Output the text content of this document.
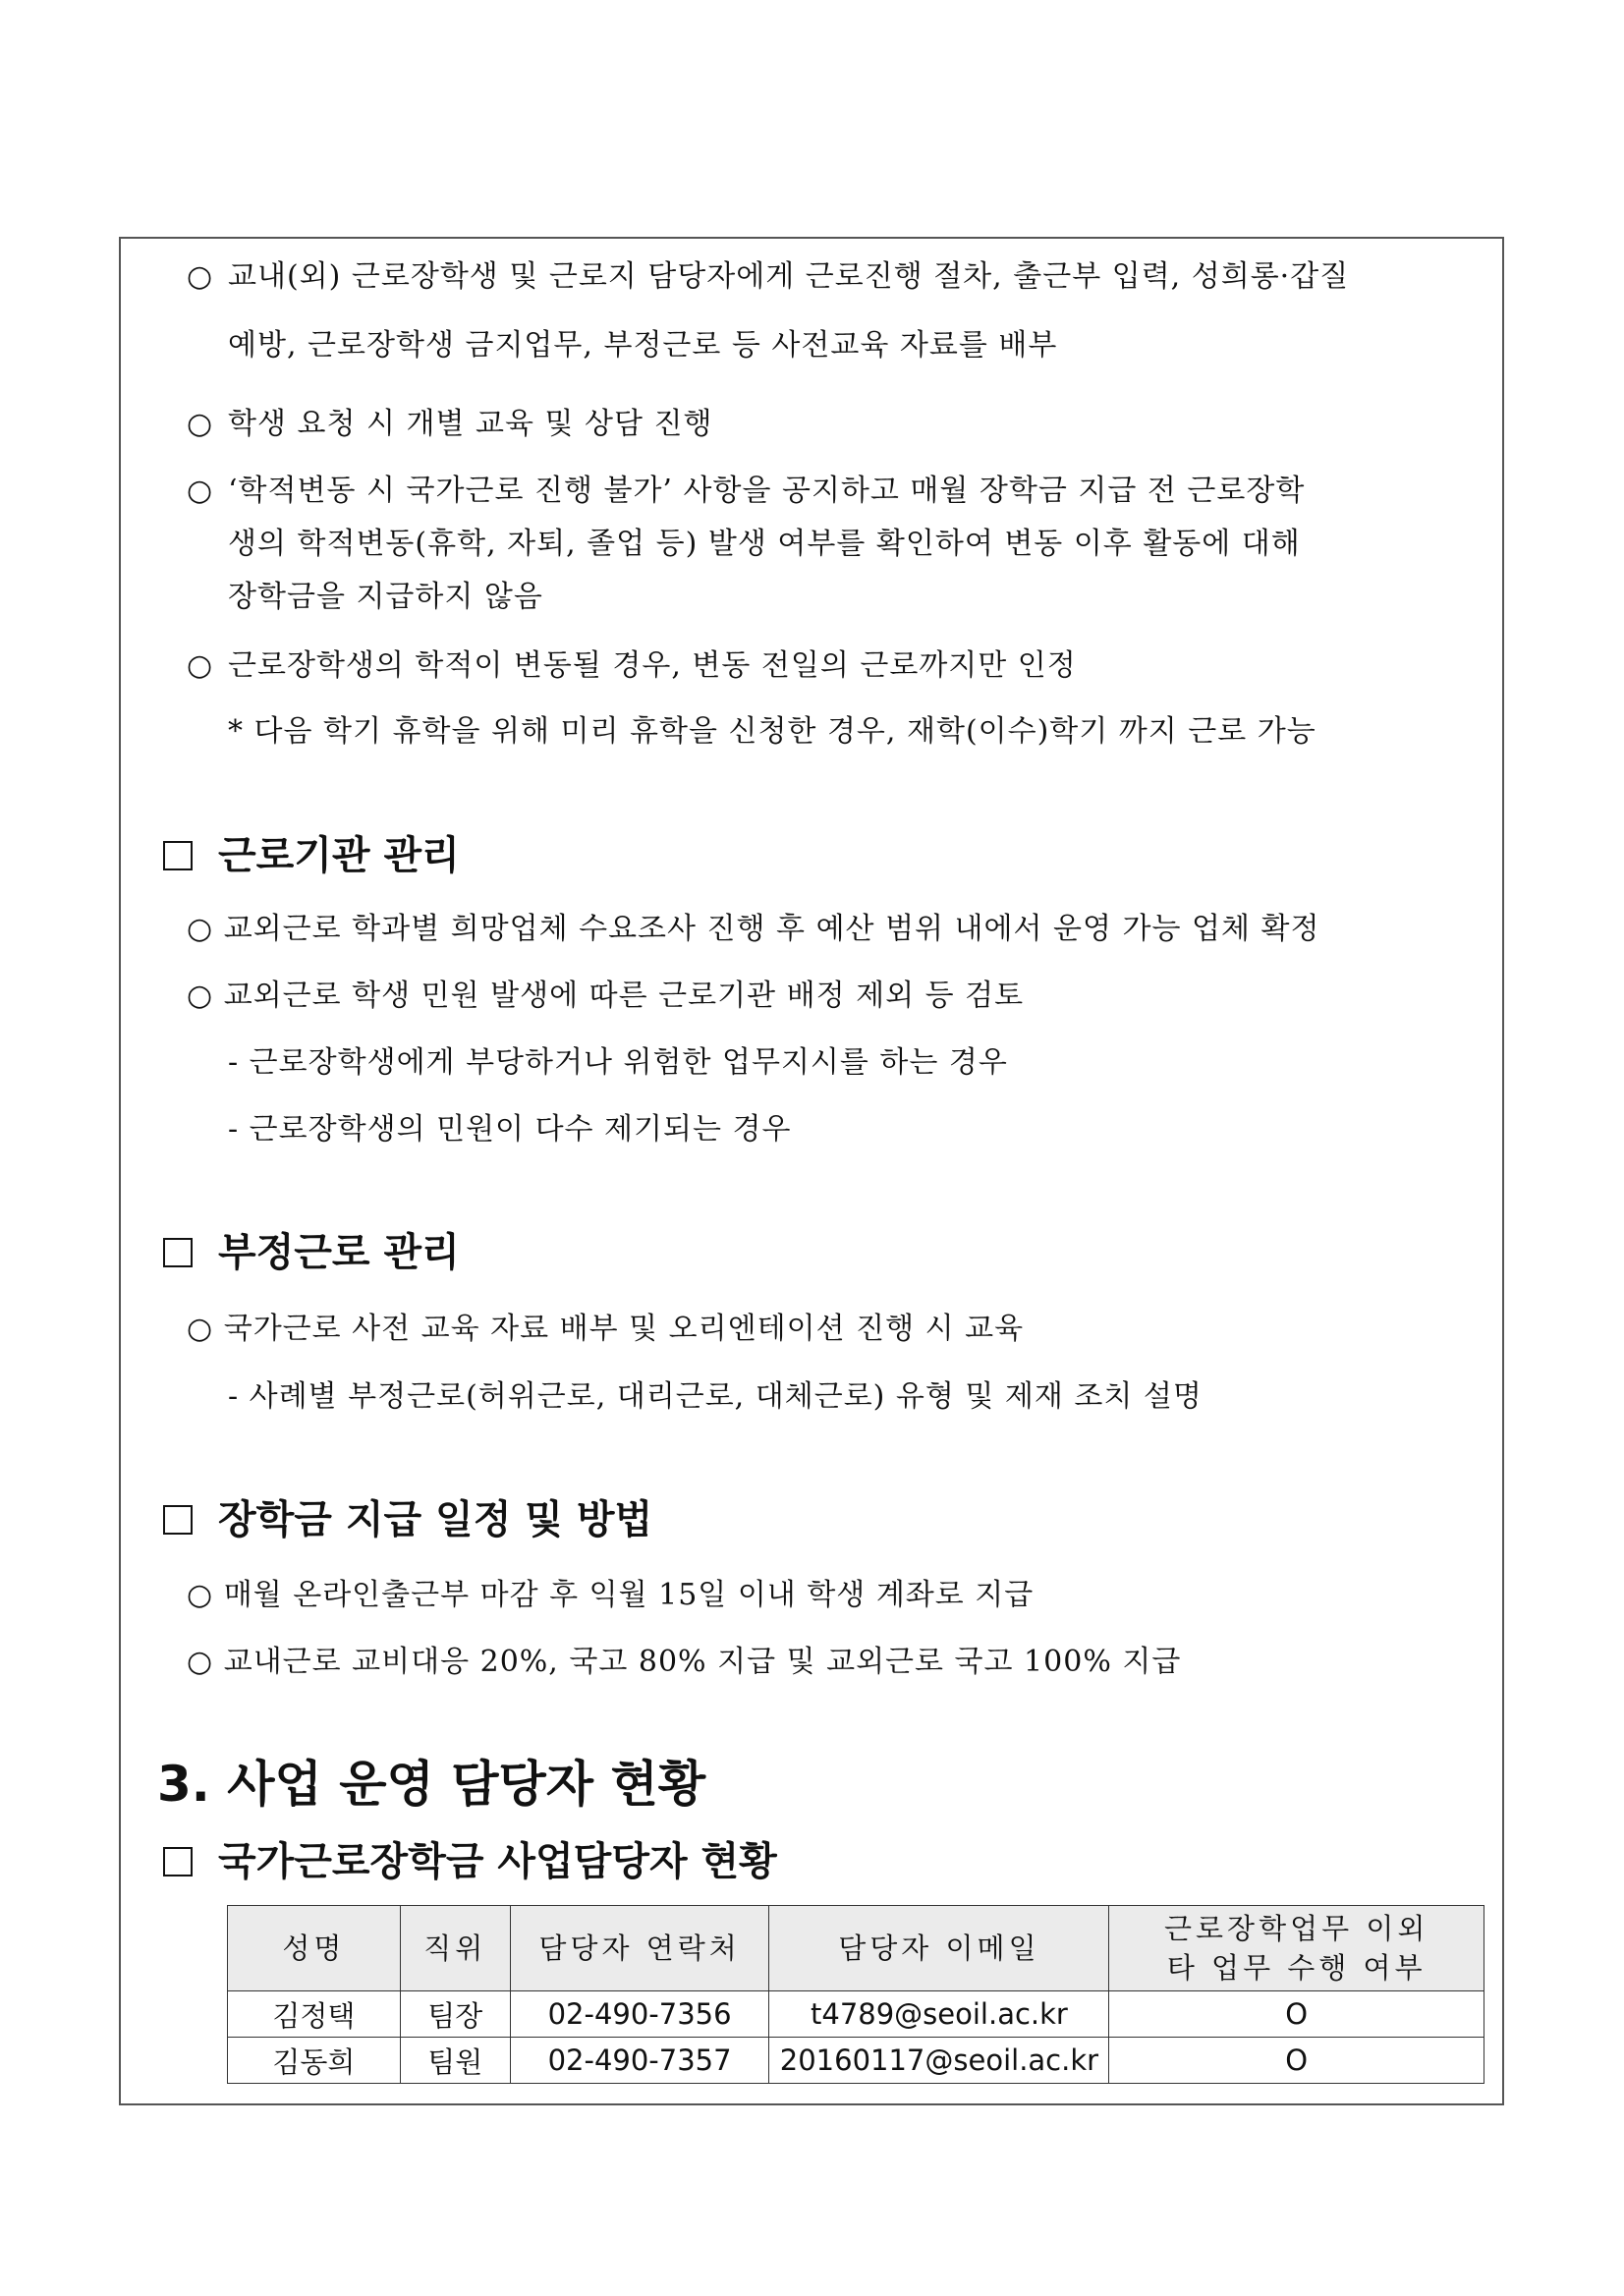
○ 교내(외) 근로장학생 및 근로지 담당자에게 근로진행 절차, 출근부 입력, 성희롱·갑질
예방, 근로장학생 금지업무, 부정근로 등 사전교육 자료를 배부
○ 학생 요청 시 개별 교육 및 상담 진행
○ ‘학적변동 시 국가근로 진행 불가’ 사항을 공지하고 매월 장학금 지급 전 근로장학
생의 학적변동(휴학, 자퇴, 졸업 등) 발생 여부를 확인하여 변동 이후 활동에 대해
장학금을 지급하지 않음
○ 근로장학생의 학적이 변동될 경우, 변동 전일의 근로까지만 인정
* 다음 학기 휴학을 위해 미리 휴학을 신청한 경우, 재학(이수)학기 까지 근로 가능
근로기관 관리
○ 교외근로 학과별 희망업체 수요조사 진행 후 예산 범위 내에서 운영 가능 업체 확정
○ 교외근로 학생 민원 발생에 따른 근로기관 배정 제외 등 검토
- 근로장학생에게 부당하거나 위험한 업무지시를 하는 경우
- 근로장학생의 민원이 다수 제기되는 경우
부정근로 관리
○ 국가근로 사전 교육 자료 배부 및 오리엔테이션 진행 시 교육
- 사례별 부정근로(허위근로, 대리근로, 대체근로) 유형 및 제재 조치 설명
장학금 지급 일정 및 방법
○ 매월 온라인출근부 마감 후 익월 15일 이내 학생 계좌로 지급
○ 교내근로 교비대응 20%, 국고 80% 지급 및 교외근로 국고 100% 지급
3. 사업 운영 담당자 현황
국가근로장학금 사업담당자 현황
성명	직위	담당자 연락처	담당자 이메일	근로장학업무 이외
타 업무 수행 여부
김정택	팀장	02-490-7356	t4789@seoil.ac.kr	O
김동희	팀원	02-490-7357	20160117@seoil.ac.kr	O
